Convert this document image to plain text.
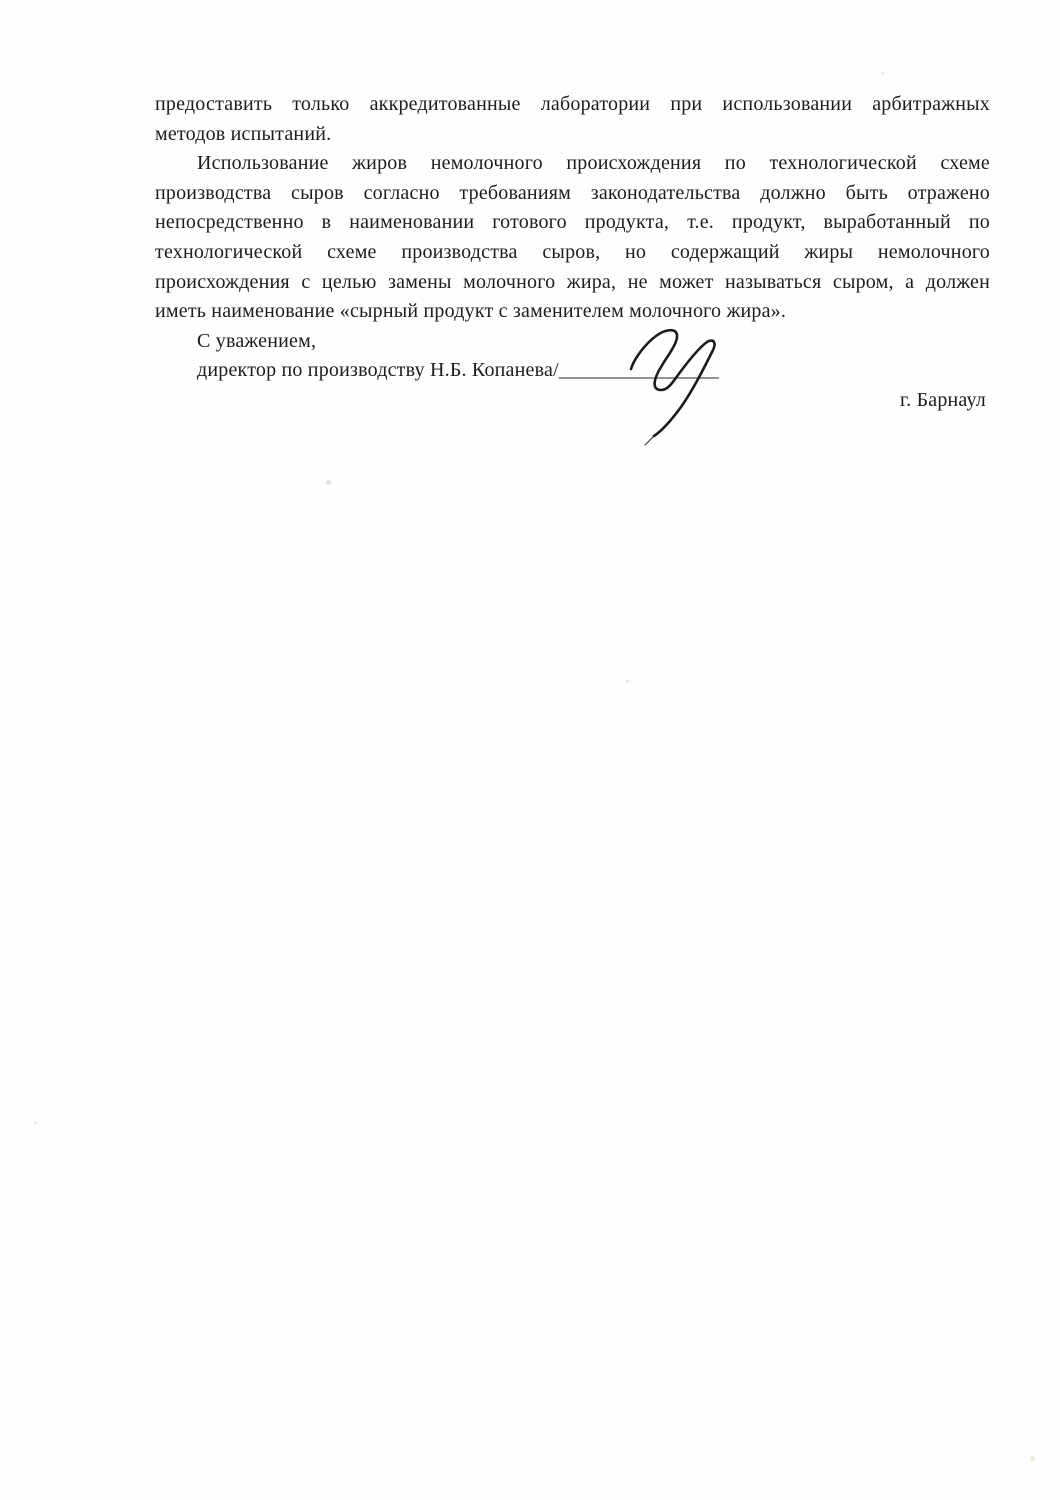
предоставить только аккредитованные лаборатории при использовании арбитражных
методов испытаний.
Использование жиров немолочного происхождения по технологической схеме
производства сыров согласно требованиям законодательства должно быть отражено
непосредственно в наименовании готового продукта, т.е. продукт, выработанный по
технологической схеме производства сыров, но содержащий жиры немолочного
происхождения с целью замены молочного жира, не может называться сыром, а должен
иметь наименование «сырный продукт с заменителем молочного жира».
С уважением,
директор по производству Н.Б. Копанева/________________
г. Барнаул
